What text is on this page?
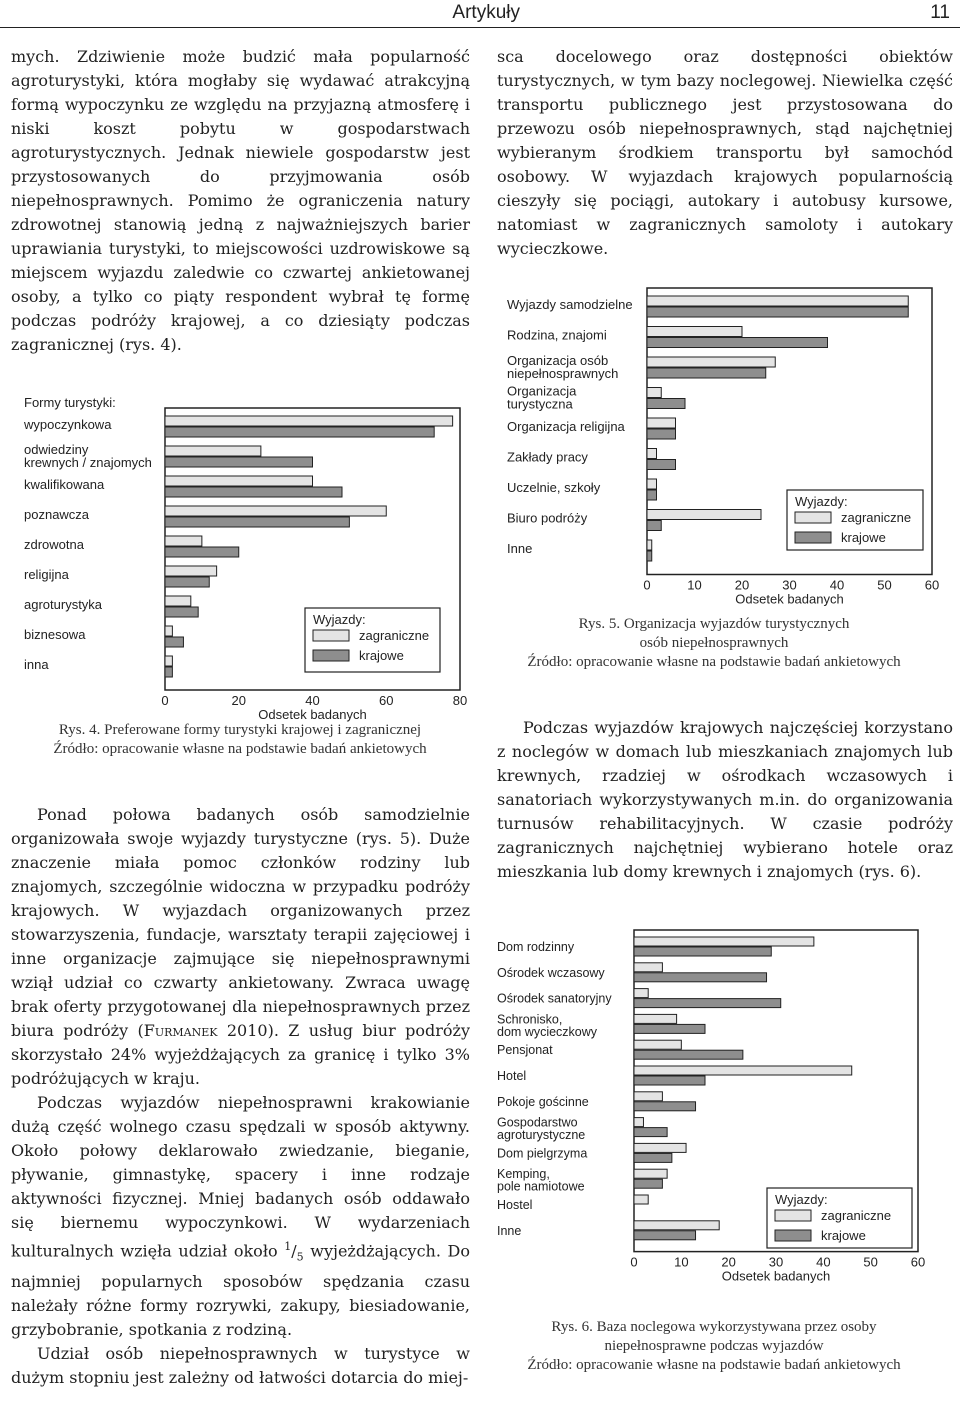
Artykuły	11

mych. Zdziwienie może budzić mała popularność agroturystyki, która mogłaby się wydawać atrakcyjną formą wypoczynku ze względu na przyjazną atmosferę i niski koszt pobytu w gospodarstwach agroturystycznych. Jednak niewiele gospodarstw jest przystosowanych do przyjmowania osób niepełnosprawnych. Pomimo że ograniczenia natury zdrowotnej stanowią jedną z najważniejszych barier uprawiania turystyki, to miejscowości uzdrowiskowe są miejscem wyjazdu zaledwie co czwartej ankietowanej osoby, a tylko co piąty respondent wybrał tę formę podczas podróży krajowej, a co dziesiąty podczas zagranicznej (rys. 4).

sca docelowego oraz dostępności obiektów turystycznych, w tym bazy noclegowej. Niewielka część transportu publicznego jest przystosowana do przewozu osób niepełnosprawnych, stąd najchętniej wybieranym środkiem transportu był samochód osobowy. W wyjazdach krajowych popularnością cieszyły się pociągi, autokary i autobusy kursowe, natomiast w zagranicznych samoloty i autokary wycieczkowe.

Formy turystyki:
wypoczynkowa
odwiedziny krewnych / znajomych
kwalifikowana
poznawcza
zdrowotna
religijna
agroturystyka
biznesowa
inna
0	20	40	60	80
Odsetek badanych
Wyjazdy:
zagraniczne
krajowe
Rys. 4. Preferowane formy turystyki krajowej i zagranicznej
Źródło: opracowanie własne na podstawie badań ankietowych
Wyjazdy samodzielne
Rodzina, znajomi
Organizacja osób niepełnosprawnych
Organizacja turystyczna
Organizacja religijna
Zakłady pracy
Uczelnie, szkoły
Biuro podróży
Inne
0	10	20	30	40	50	60
Odsetek badanych
Wyjazdy:
zagraniczne
krajowe
Rys. 5. Organizacja wyjazdów turystycznych
osób niepełnosprawnych
Źródło: opracowanie własne na podstawie badań ankietowych

Podczas wyjazdów krajowych najczęściej korzystano z noclegów w domach lub mieszkaniach znajomych lub krewnych, rzadziej w ośrodkach wczasowych i sanatoriach wykorzystywanych m.in. do organizowania turnusów rehabilitacyjnych. W czasie podróży zagranicznych najchętniej wybierano hotele oraz mieszkania lub domy krewnych i znajomych (rys. 6).

Ponad połowa badanych osób samodzielnie organizowała swoje wyjazdy turystyczne (rys. 5). Duże znaczenie miała pomoc członków rodziny lub znajomych, szczególnie widoczna w przypadku podróży krajowych. W wyjazdach organizowanych przez stowarzyszenia, fundacje, warsztaty terapii zajęciowej i inne organizacje zajmujące się niepełnosprawnymi wziął udział co czwarty ankietowany. Zwraca uwagę brak oferty przygotowanej dla niepełnosprawnych przez biura podróży (Furmanek 2010). Z usług biur podróży skorzystało 24% wyjeżdżających za granicę i tylko 3% podróżujących w kraju.

Podczas wyjazdów niepełnosprawni krakowianie dużą część wolnego czasu spędzali w sposób aktywny. Około połowy deklarowało zwiedzanie, bieganie, pływanie, gimnastykę, spacery i inne rodzaje aktywności fizycznej. Mniej badanych osób oddawało się biernemu wypoczynkowi. W wydarzeniach kulturalnych wzięła udział około $^1/_5$ wyjeżdżających. Do najmniej popularnych sposobów spędzania czasu należały różne formy rozrywki, zakupy, biesiadowanie, grzybobranie, spotkania z rodziną.

Udział osób niepełnosprawnych w turystyce w dużym stopniu jest zależny od łatwości dotarcia do miej-

Dom rodzinny
Ośrodek wczasowy
Ośrodek sanatoryjny
Schronisko, dom wycieczkowy
Pensjonat
Hotel
Pokoje gościnne
Gospodarstwo agroturystyczne
Dom pielgrzyma
Kemping, pole namiotowe
Hostel
Inne
0	10	20	30	40	50	60
Odsetek badanych
Wyjazdy:
zagraniczne
krajowe
Rys. 6. Baza noclegowa wykorzystywana przez osoby
niepełnosprawne podczas wyjazdów
Źródło: opracowanie własne na podstawie badań ankietowych
